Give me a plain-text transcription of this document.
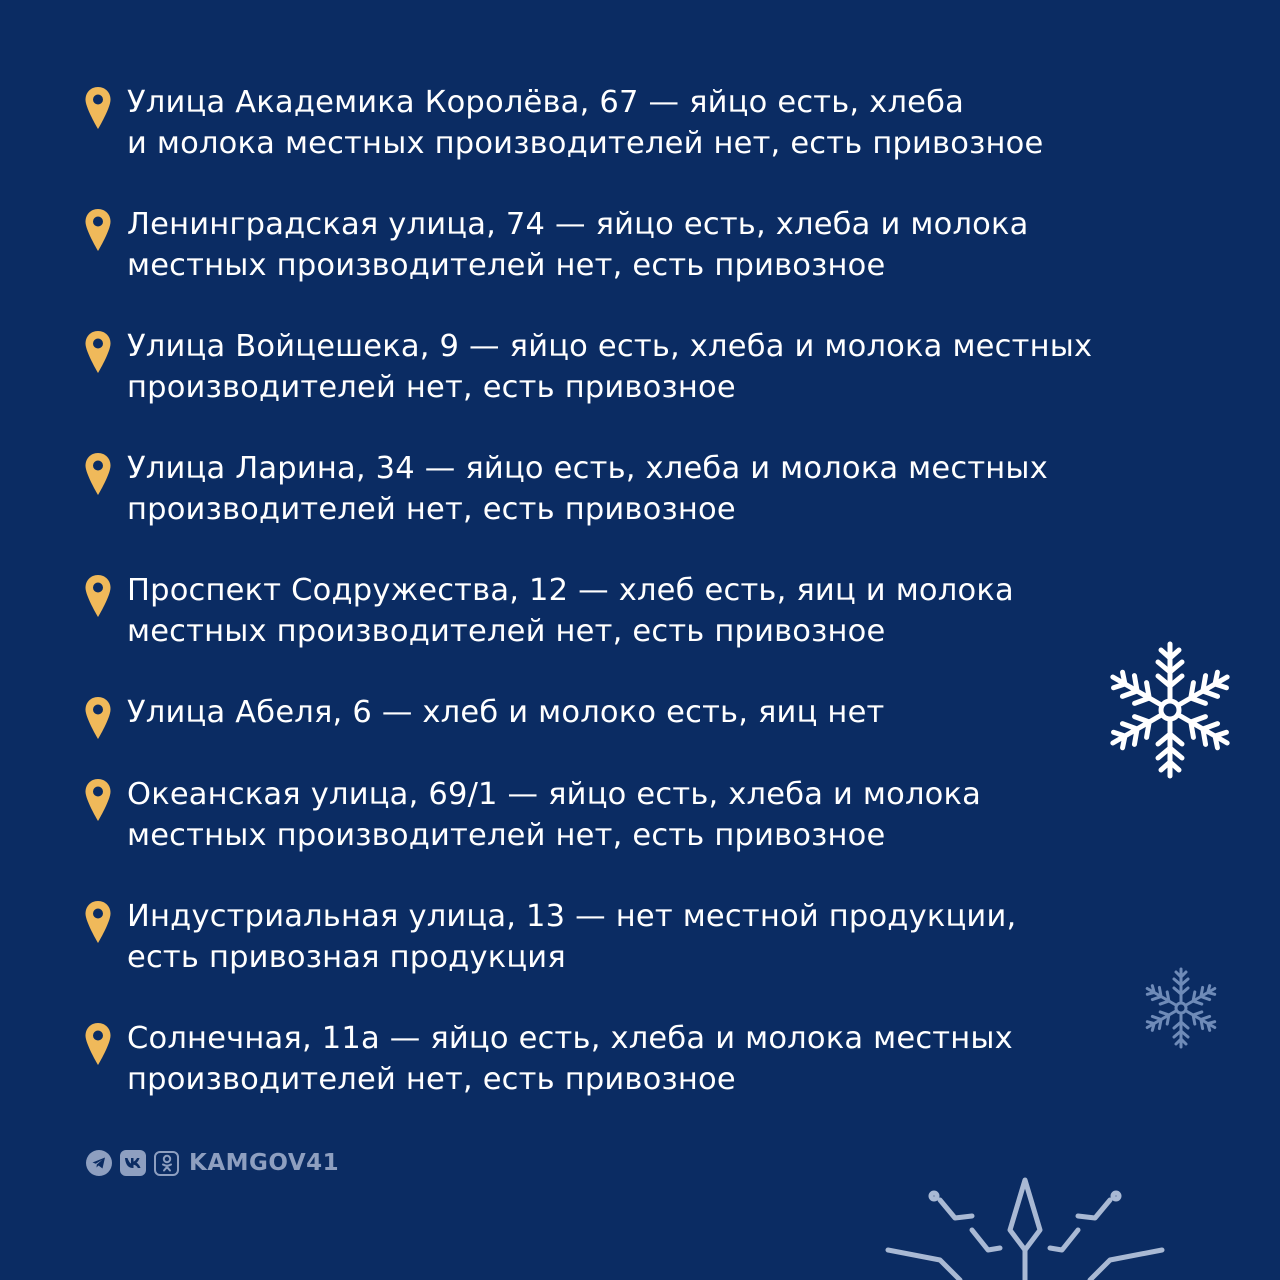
Улица Академика Королёва, 67 — яйцо есть, хлеба
и молока местных производителей нет, есть привозное
Ленинградская улица, 74 — яйцо есть, хлеба и молока
местных производителей нет, есть привозное
Улица Войцешека, 9 — яйцо есть, хлеба и молока местных
производителей нет, есть привозное
Улица Ларина, 34 — яйцо есть, хлеба и молока местных
производителей нет, есть привозное
Проспект Содружества, 12 — хлеб есть, яиц и молока
местных производителей нет, есть привозное
Улица Абеля, 6 — хлеб и молоко есть, яиц нет
Океанская улица, 69/1 — яйцо есть, хлеба и молока
местных производителей нет, есть привозное
Индустриальная улица, 13 — нет местной продукции,
есть привозная продукция
Солнечная, 11а — яйцо есть, хлеба и молока местных
производителей нет, есть привозное
KAMGOV41
